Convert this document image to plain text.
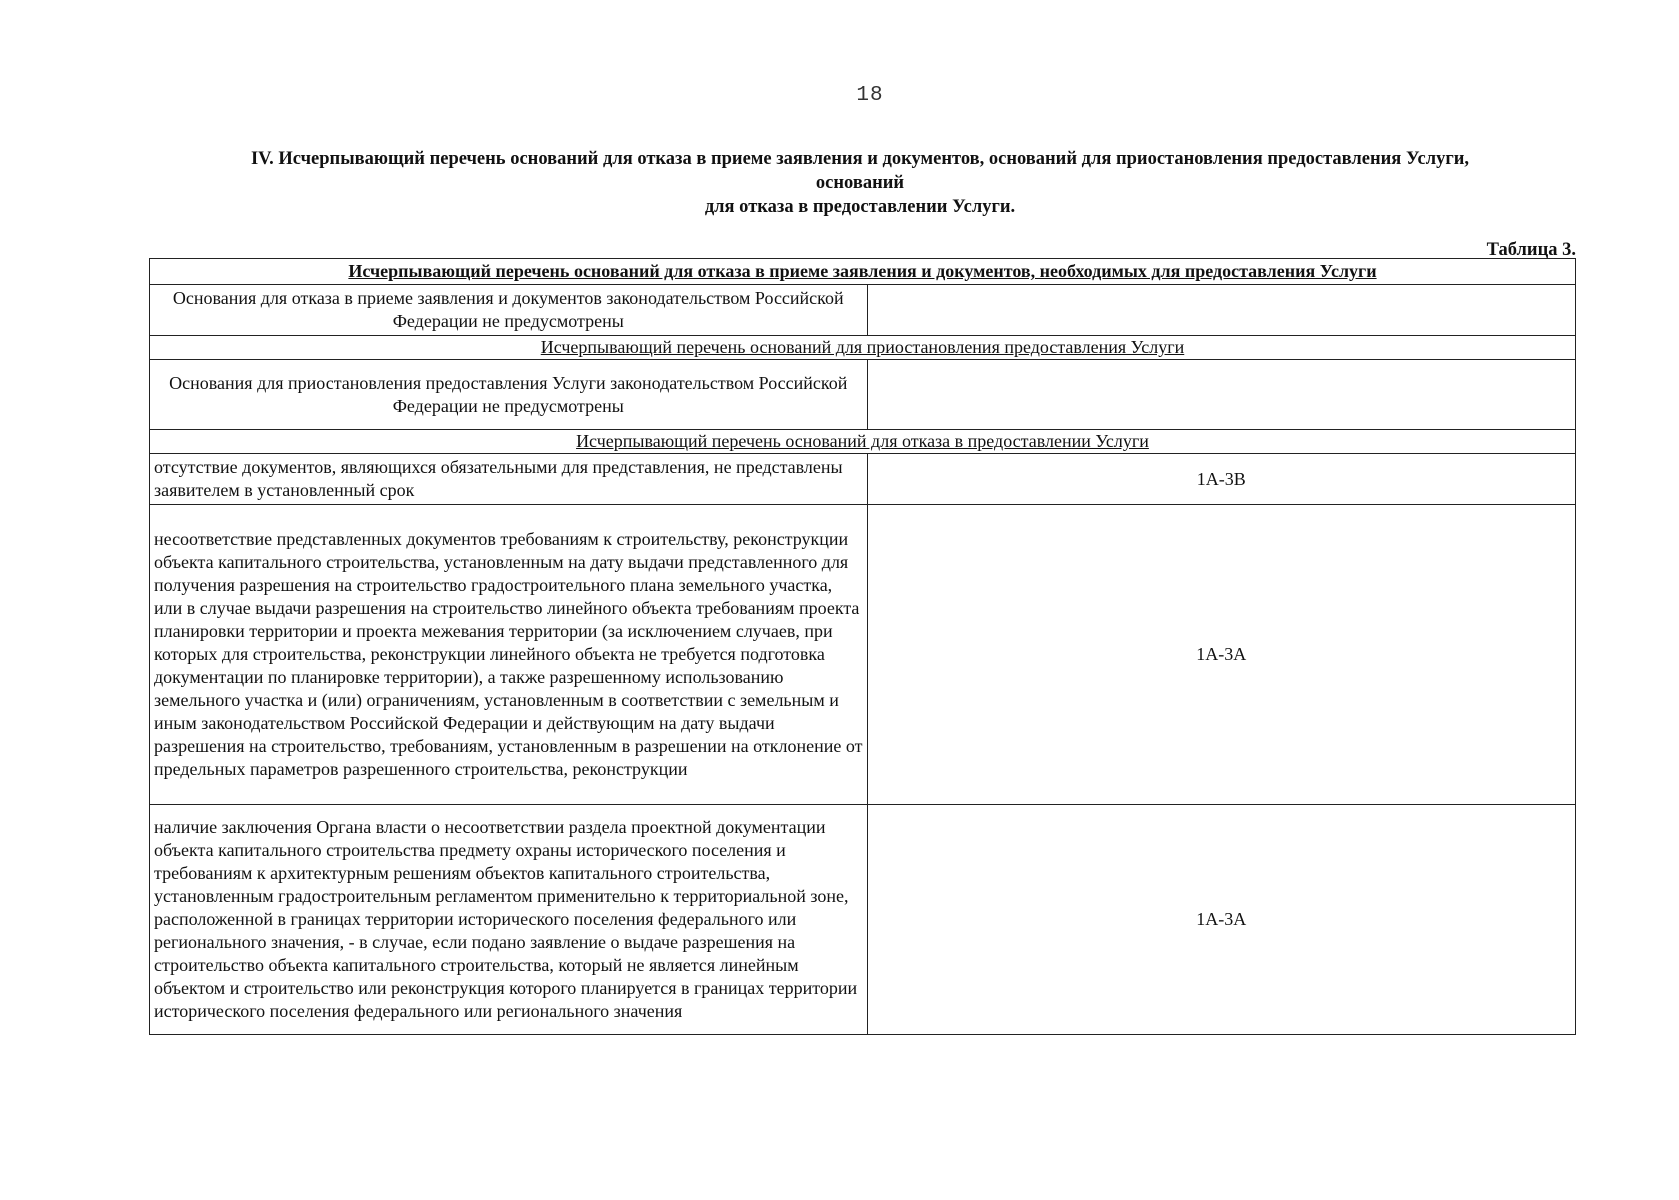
18
IV. Исчерпывающий перечень оснований для отказа в приеме заявления и документов, оснований для приостановления предоставления Услуги,
оснований
для отказа в предоставлении Услуги.
Таблица 3.
Исчерпывающий перечень оснований для отказа в приеме заявления и документов, необходимых для предоставления Услуги	
Основания для отказа в приеме заявления и документов законодательством Российской Федерации не предусмотрены	
Исчерпывающий перечень оснований для приостановления предоставления Услуги	
Основания для приостановления предоставления Услуги законодательством Российской Федерации не предусмотрены	
Исчерпывающий перечень оснований для отказа в предоставлении Услуги	
отсутствие документов, являющихся обязательными для представления, не представлены заявителем в установленный срок	1А-3В
несоответствие представленных документов требованиям к строительству, реконструкции объекта капитального строительства, установленным на дату выдачи представленного для получения разрешения на строительство градостроительного плана земельного участка, или в случае выдачи разрешения на строительство линейного объекта требованиям проекта планировки территории и проекта межевания территории (за исключением случаев, при которых для строительства, реконструкции линейного объекта не требуется подготовка документации по планировке территории), а также разрешенному использованию земельного участка и (или) ограничениям, установленным в соответствии с земельным и иным законодательством Российской Федерации и действующим на дату выдачи разрешения на строительство, требованиям, установленным в разрешении на отклонение от предельных параметров разрешенного строительства, реконструкции	1А-3А
наличие заключения Органа власти о несоответствии раздела проектной документации объекта капитального строительства предмету охраны исторического поселения и требованиям к архитектурным решениям объектов капитального строительства, установленным градостроительным регламентом применительно к территориальной зоне, расположенной в границах территории исторического поселения федерального или регионального значения, - в случае, если подано заявление о выдаче разрешения на строительство объекта капитального строительства, который не является линейным объектом и строительство или реконструкция которого планируется в границах территории исторического поселения федерального или регионального значения	1А-3А
